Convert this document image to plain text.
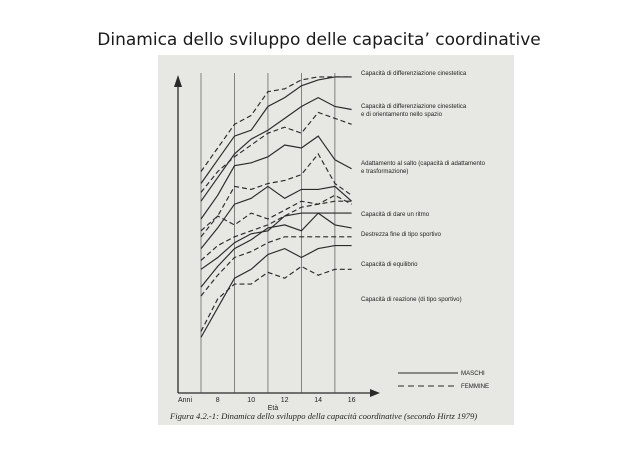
Dinamica dello sviluppo delle capacita’ coordinative
Anni	8	10	12	14	16
Età
Capacità di differenziazione cinestetica
Capacità di differenziazione cinestetica
e di orientamento nello spazio
Adattamento al salto (capacità di adattamento
e trasformazione)
Capacità di dare un ritmo
Destrezza fine di tipo sportivo
Capacità di equilibrio
Capacità di reazione (di tipo sportivo)
MASCHI
FEMMINE
Figura 4.2.-1: Dinamica dello sviluppo della capacità coordinative (secondo Hirtz 1979)
